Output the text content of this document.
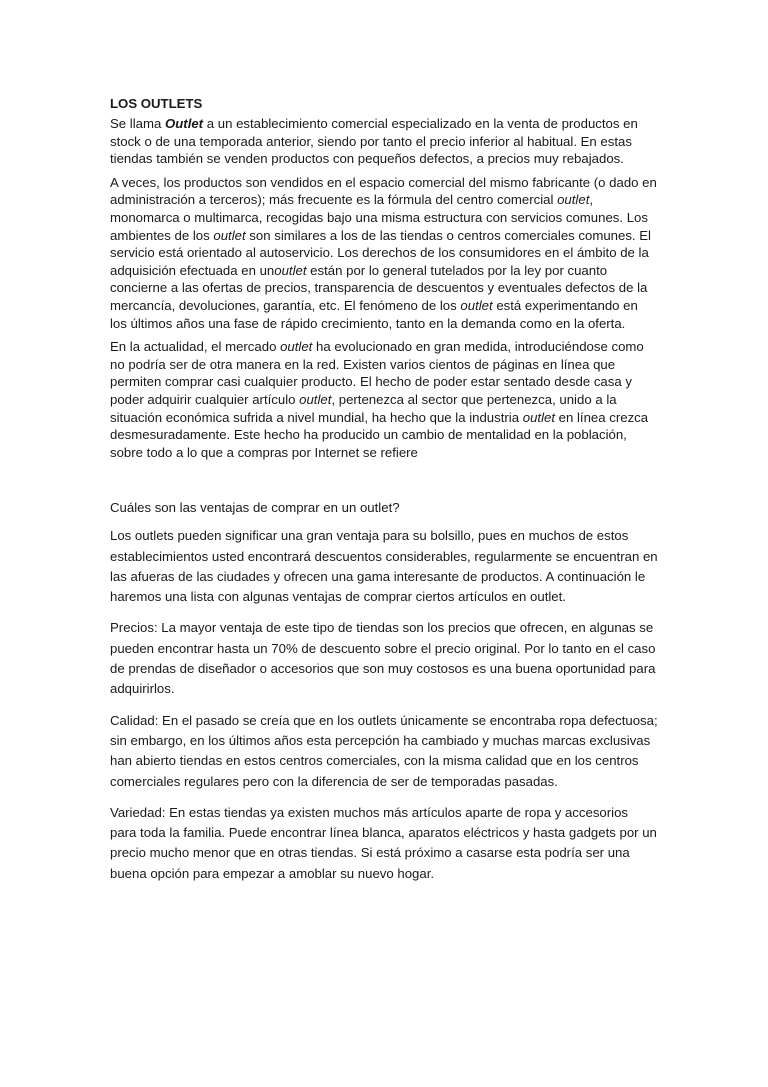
LOS OUTLETS

Se llama Outlet a un establecimiento comercial especializado en la venta de productos en stock o de una temporada anterior, siendo por tanto el precio inferior al habitual. En estas tiendas también se venden productos con pequeños defectos, a precios muy rebajados.

A veces, los productos son vendidos en el espacio comercial del mismo fabricante (o dado en administración a terceros); más frecuente es la fórmula del centro comercial outlet, monomarca o multimarca, recogidas bajo una misma estructura con servicios comunes. Los ambientes de los outlet son similares a los de las tiendas o centros comerciales comunes. El servicio está orientado al autoservicio. Los derechos de los consumidores en el ámbito de la adquisición efectuada en unoutlet están por lo general tutelados por la ley por cuanto concierne a las ofertas de precios, transparencia de descuentos y eventuales defectos de la mercancía, devoluciones, garantía, etc. El fenómeno de los outlet está experimentando en los últimos años una fase de rápido crecimiento, tanto en la demanda como en la oferta.

En la actualidad, el mercado outlet ha evolucionado en gran medida, introduciéndose como no podría ser de otra manera en la red. Existen varios cientos de páginas en línea que permiten comprar casi cualquier producto. El hecho de poder estar sentado desde casa y poder adquirir cualquier artículo outlet, pertenezca al sector que pertenezca, unido a la situación económica sufrida a nivel mundial, ha hecho que la industria outlet en línea crezca desmesuradamente. Este hecho ha producido un cambio de mentalidad en la población, sobre todo a lo que a compras por Internet se refiere

Cuáles son las ventajas de comprar en un outlet?

Los outlets pueden significar una gran ventaja para su bolsillo, pues en muchos de estos establecimientos usted encontrará descuentos considerables, regularmente se encuentran en las afueras de las ciudades y ofrecen una gama interesante de productos. A continuación le haremos una lista con algunas ventajas de comprar ciertos artículos en outlet.

Precios: La mayor ventaja de este tipo de tiendas son los precios que ofrecen, en algunas se pueden encontrar hasta un 70% de descuento sobre el precio original. Por lo tanto en el caso de prendas de diseñador o accesorios que son muy costosos es una buena oportunidad para adquirirlos.

Calidad: En el pasado se creía que en los outlets únicamente se encontraba ropa defectuosa; sin embargo, en los últimos años esta percepción ha cambiado y muchas marcas exclusivas han abierto tiendas en estos centros comerciales, con la misma calidad que en los centros comerciales regulares pero con la diferencia de ser de temporadas pasadas.

Variedad: En estas tiendas ya existen muchos más artículos aparte de ropa y accesorios para toda la familia. Puede encontrar línea blanca, aparatos eléctricos y hasta gadgets por un precio mucho menor que en otras tiendas. Si está próximo a casarse esta podría ser una buena opción para empezar a amoblar su nuevo hogar.
